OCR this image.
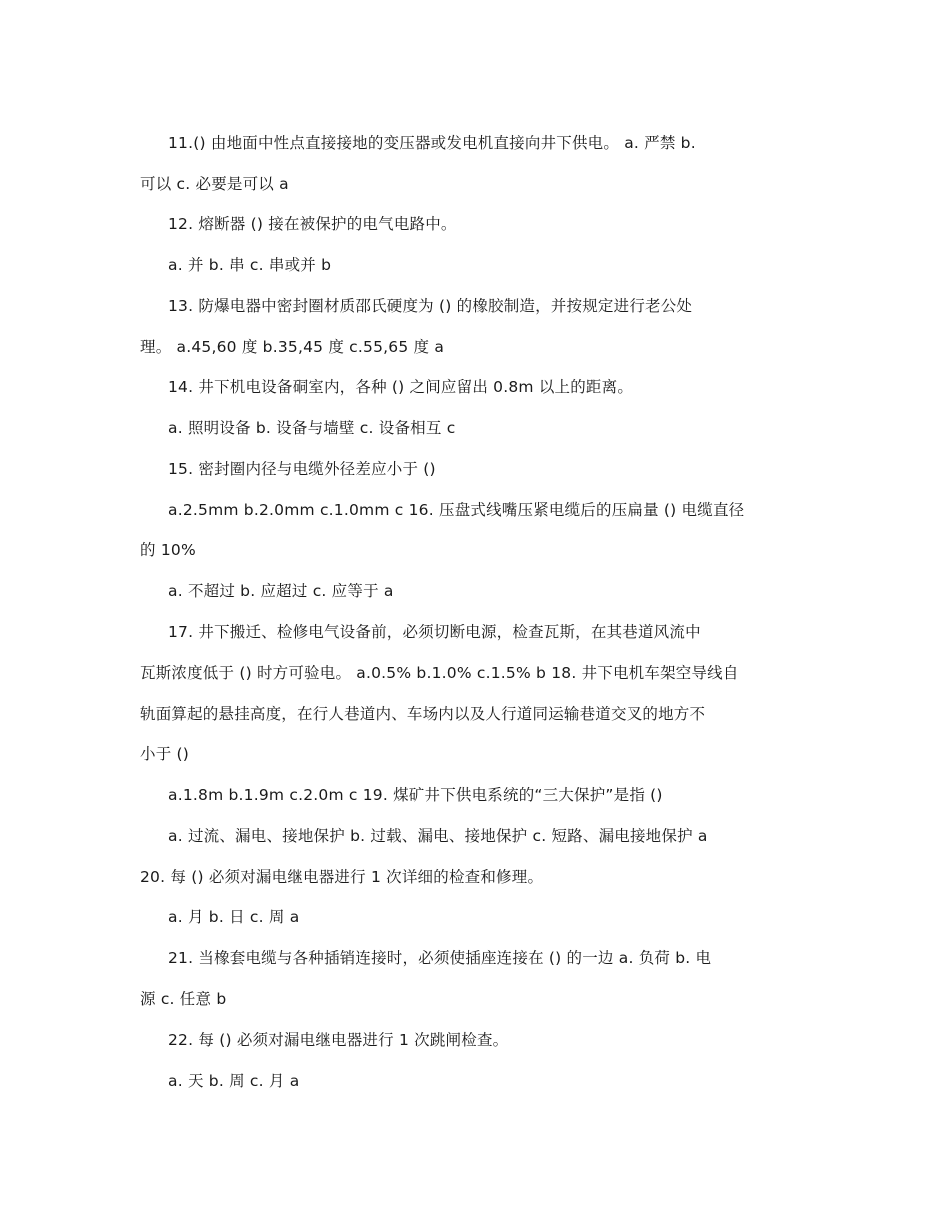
11.() 由地面中性点直接接地的变压器或发电机直接向井下供电。 a. 严禁 b.
可以 c. 必要是可以 a
12. 熔断器 () 接在被保护的电气电路中。
a. 并 b. 串 c. 串或并 b
13. 防爆电器中密封圈材质邵氏硬度为 () 的橡胶制造，并按规定进行老公处
理。 a.45,60 度 b.35,45 度 c.55,65 度 a
14. 井下机电设备硐室内，各种 () 之间应留出 0.8m 以上的距离。
a. 照明设备 b. 设备与墙壁 c. 设备相互 c
15. 密封圈内径与电缆外径差应小于 ()
a.2.5mm b.2.0mm c.1.0mm c 16. 压盘式线嘴压紧电缆后的压扁量 () 电缆直径
的 10%
a. 不超过 b. 应超过 c. 应等于 a
17. 井下搬迁、检修电气设备前，必须切断电源，检查瓦斯，在其巷道风流中
瓦斯浓度低于 () 时方可验电。 a.0.5% b.1.0% c.1.5% b 18. 井下电机车架空导线自
轨面算起的悬挂高度，在行人巷道内、车场内以及人行道同运输巷道交叉的地方不
小于 ()
a.1.8m b.1.9m c.2.0m c 19. 煤矿井下供电系统的“三大保护”是指 ()
a. 过流、漏电、接地保护 b. 过载、漏电、接地保护 c. 短路、漏电接地保护 a
20. 每 () 必须对漏电继电器进行 1 次详细的检查和修理。
a. 月 b. 日 c. 周 a
21. 当橡套电缆与各种插销连接时，必须使插座连接在 () 的一边 a. 负荷 b. 电
源 c. 任意 b
22. 每 () 必须对漏电继电器进行 1 次跳闸检查。
a. 天 b. 周 c. 月 a
